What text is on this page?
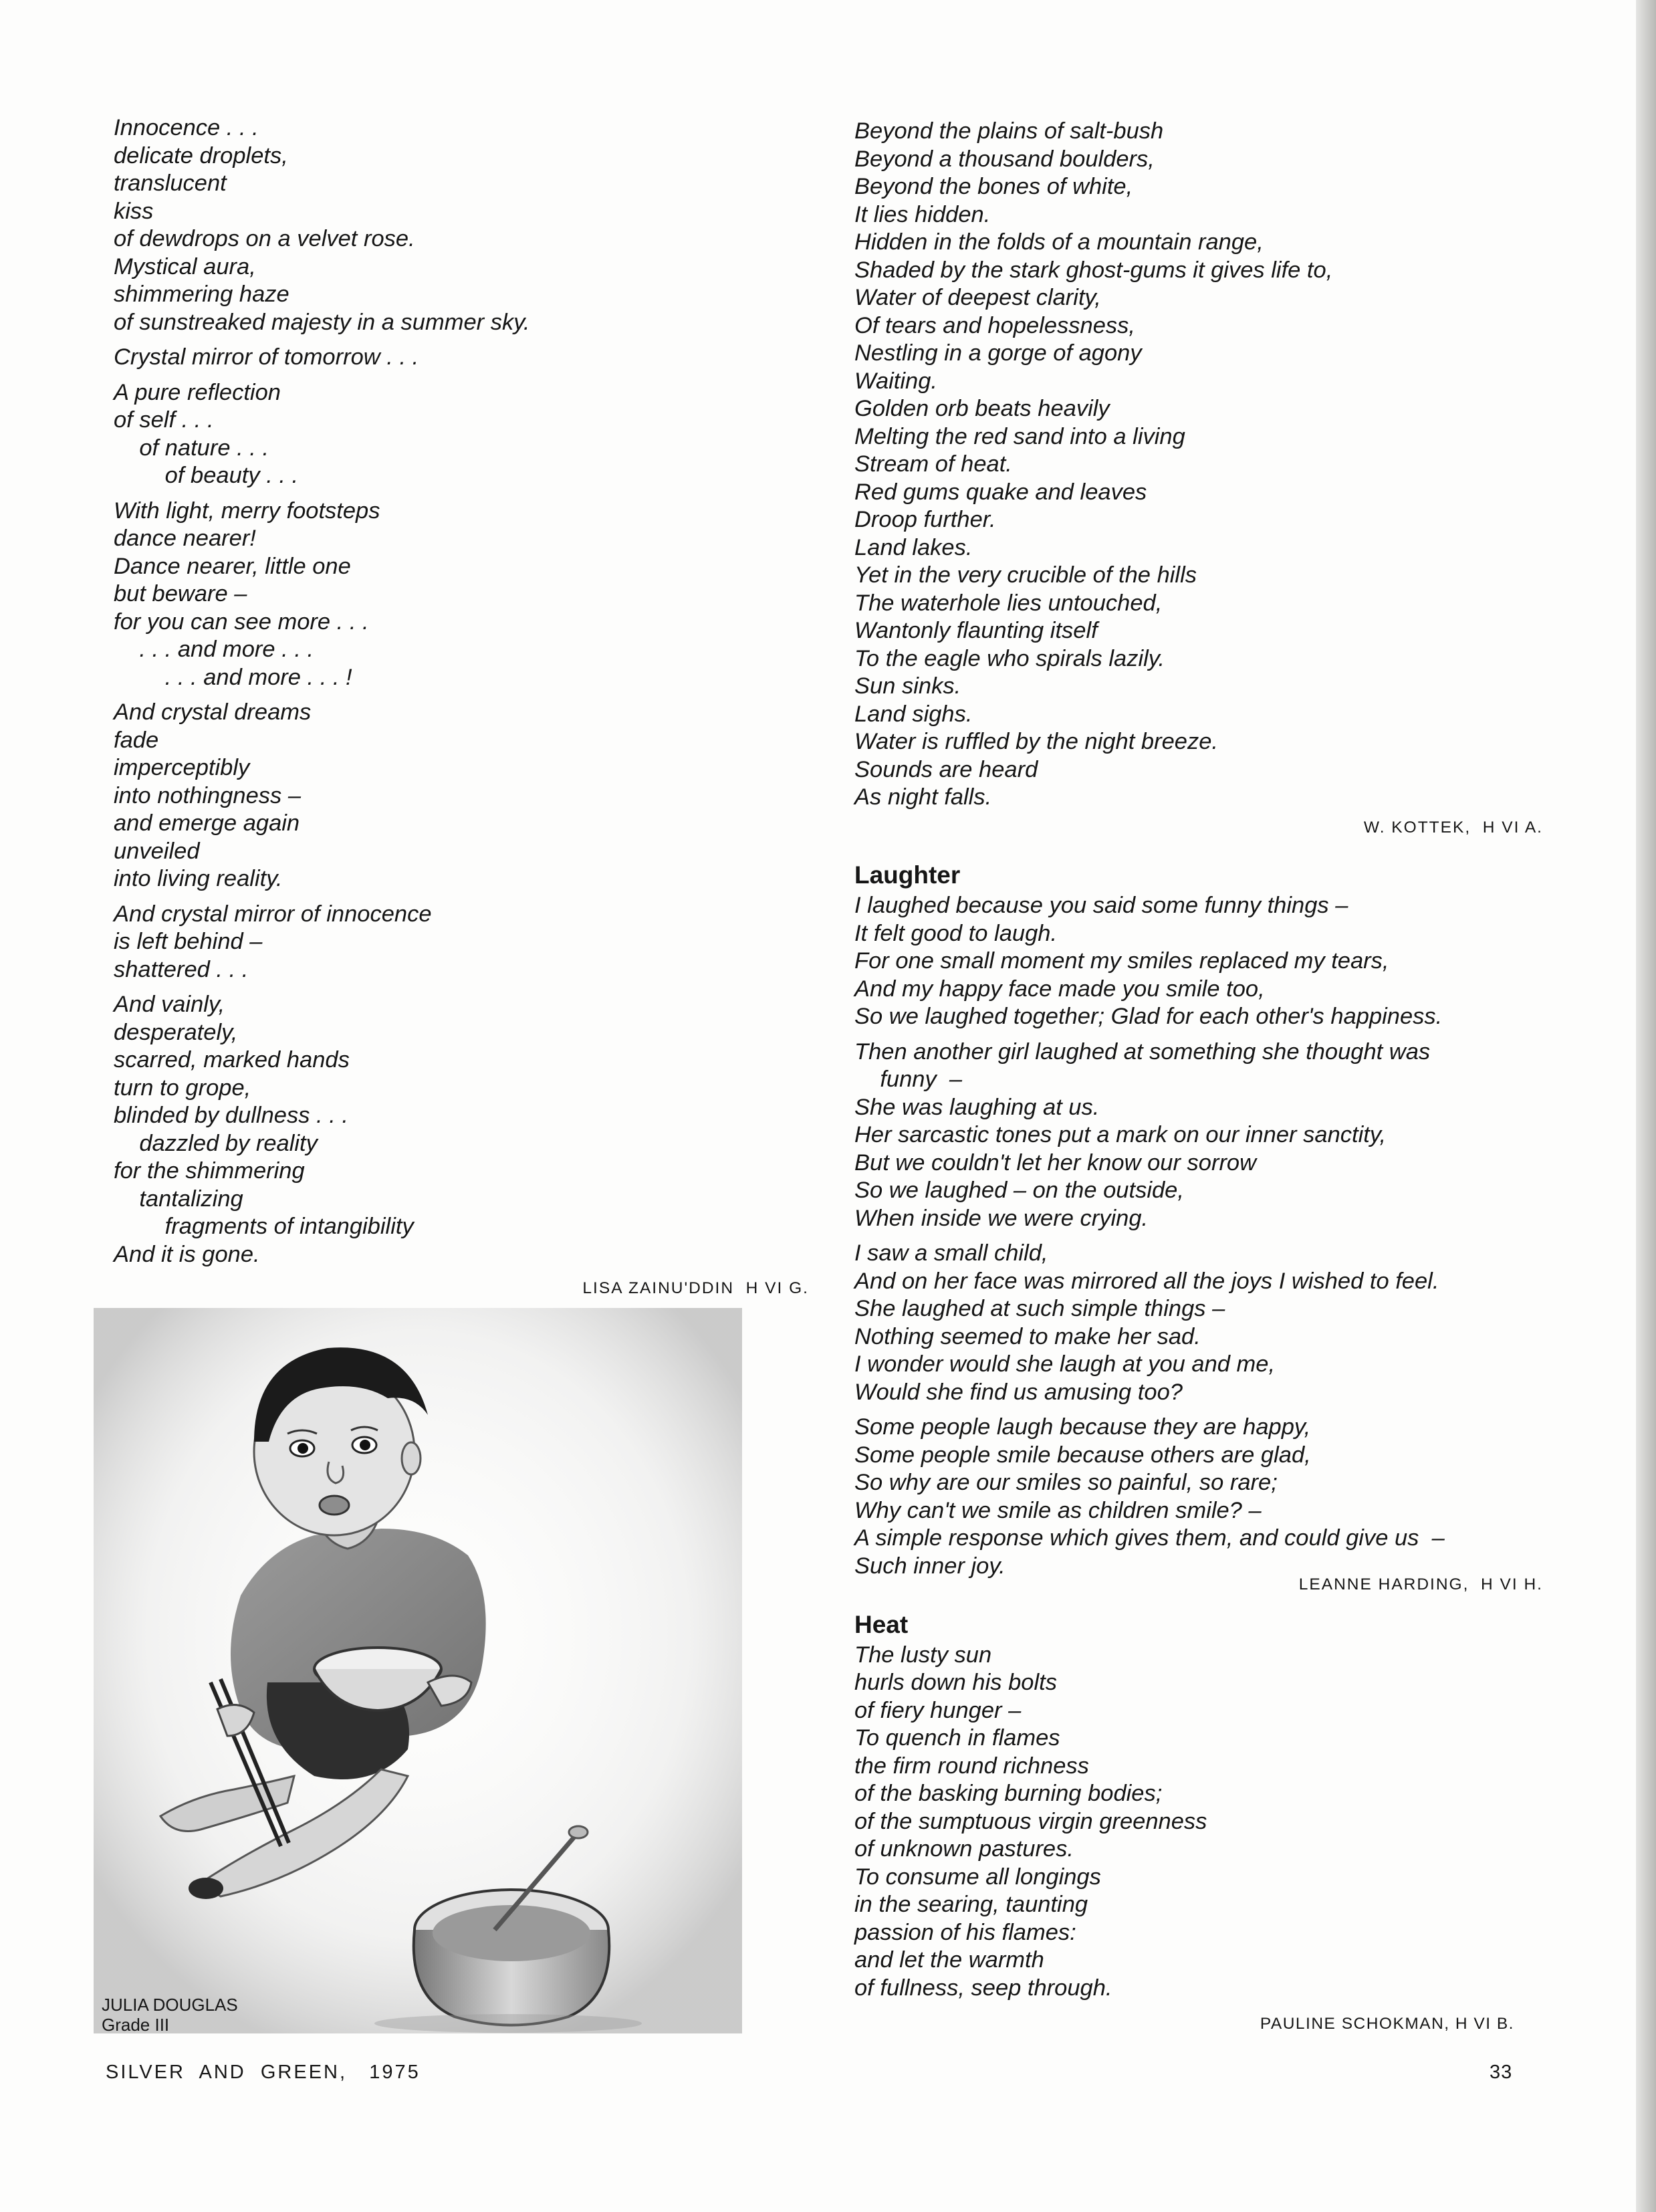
Innocence . . .
delicate droplets,
translucent
kiss
of dewdrops on a velvet rose.
Mystical aura,
shimmering haze
of sunstreaked majesty in a summer sky.
Crystal mirror of tomorrow . . .
A pure reflection
of self . . .
of nature . . .
of beauty . . .
With light, merry footsteps
dance nearer!
Dance nearer, little one
but beware –
for you can see more . . .
. . . and more . . .
. . . and more . . . !
And crystal dreams
fade
imperceptibly
into nothingness –
and emerge again
unveiled
into living reality.
And crystal mirror of innocence
is left behind –
shattered . . .
And vainly,
desperately,
scarred, marked hands
turn to grope,
blinded by dullness . . .
dazzled by reality
for the shimmering
tantalizing
fragments of intangibility
And it is gone.
LISA ZAINU'DDIN  H VI G.
JULIA DOUGLAS
Grade III
Beyond the plains of salt-bush
Beyond a thousand boulders,
Beyond the bones of white,
It lies hidden.
Hidden in the folds of a mountain range,
Shaded by the stark ghost-gums it gives life to,
Water of deepest clarity,
Of tears and hopelessness,
Nestling in a gorge of agony
Waiting.
Golden orb beats heavily
Melting the red sand into a living
Stream of heat.
Red gums quake and leaves
Droop further.
Land lakes.
Yet in the very crucible of the hills
The waterhole lies untouched,
Wantonly flaunting itself
To the eagle who spirals lazily.
Sun sinks.
Land sighs.
Water is ruffled by the night breeze.
Sounds are heard
As night falls.
W. KOTTEK,  H VI A.
Laughter
I laughed because you said some funny things –
It felt good to laugh.
For one small moment my smiles replaced my tears,
And my happy face made you smile too,
So we laughed together; Glad for each other's happiness.
Then another girl laughed at something she thought was
funny  –
She was laughing at us.
Her sarcastic tones put a mark on our inner sanctity,
But we couldn't let her know our sorrow
So we laughed – on the outside,
When inside we were crying.
I saw a small child,
And on her face was mirrored all the joys I wished to feel.
She laughed at such simple things –
Nothing seemed to make her sad.
I wonder would she laugh at you and me,
Would she find us amusing too?
Some people laugh because they are happy,
Some people smile because others are glad,
So why are our smiles so painful, so rare;
Why can't we smile as children smile? –
A simple response which gives them, and could give us  –
Such inner joy.
LEANNE HARDING,  H VI H.
Heat
The lusty sun
hurls down his bolts
of fiery hunger –
To quench in flames
the firm round richness
of the basking burning bodies;
of the sumptuous virgin greenness
of unknown pastures.
To consume all longings
in the searing, taunting
passion of his flames:
and let the warmth
of fullness, seep through.
PAULINE SCHOKMAN, H VI B.
SILVER  AND  GREEN,   1975	33
